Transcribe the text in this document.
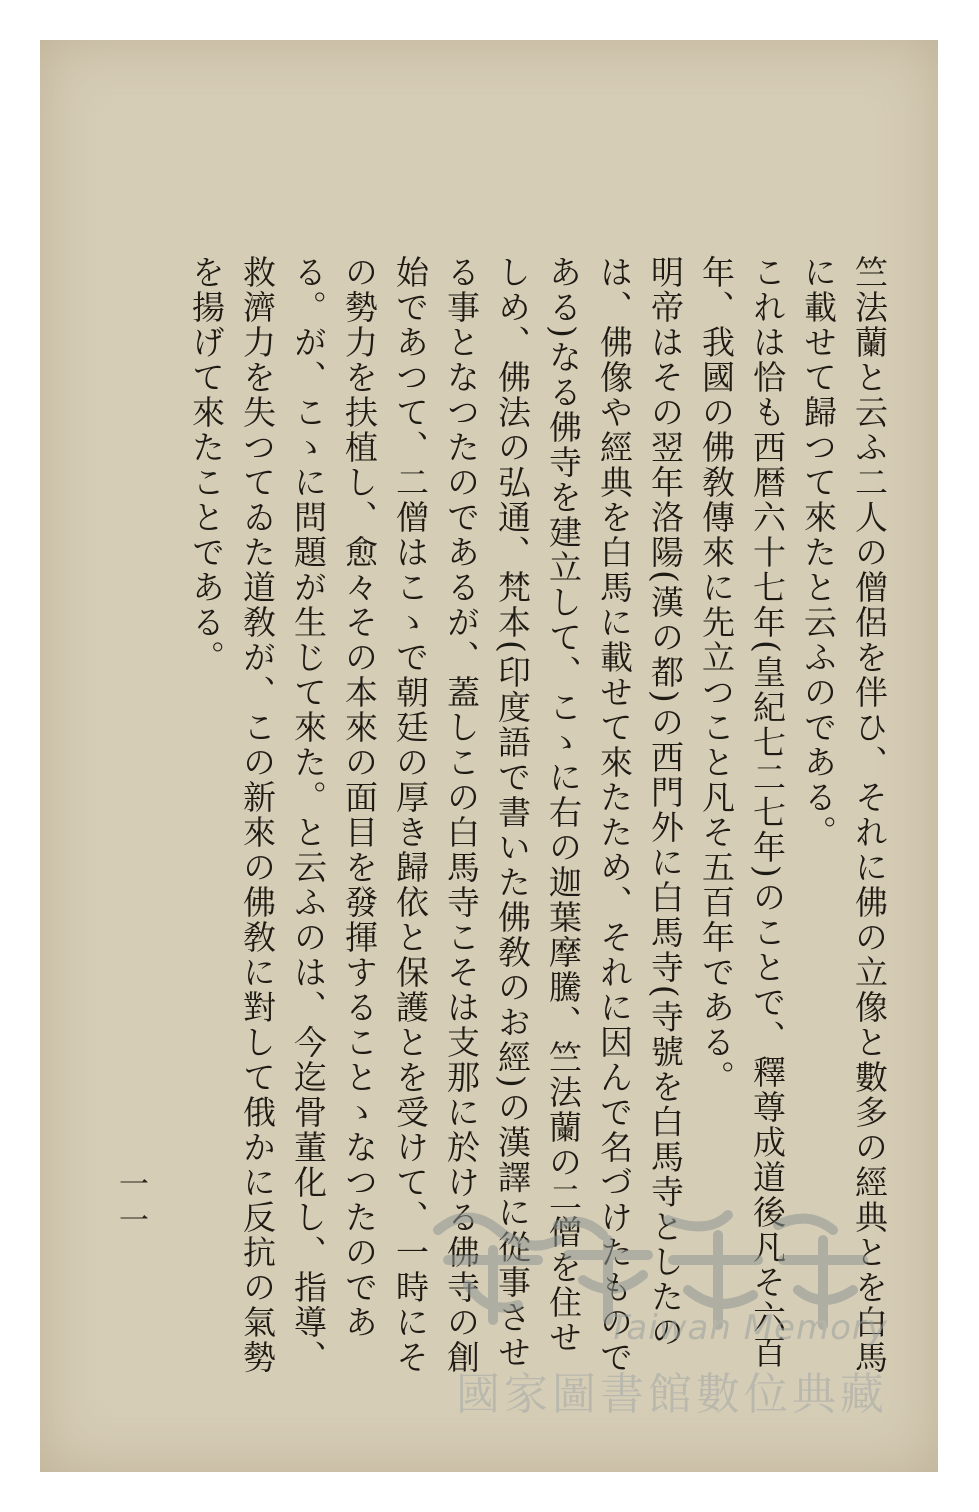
竺法蘭と云ふ二人の僧侶を伴ひ、それに佛の立像と數多の經典とを白馬に載せて歸つて來たと云ふのである。

これは恰も西暦六十七年(皇紀七二七年)のことで、釋尊成道後凡そ六百年、我國の佛敎傳來に先立つこと凡そ五百年である。

明帝はその翌年洛陽(漢の都)の西門外に白馬寺(寺號を白馬寺としたのは、佛像や經典を白馬に載せて來たため、それに因んで名づけたものである)なる佛寺を建立して、こゝに右の迦葉摩騰、竺法蘭の二僧を住せしめ、佛法の弘通、梵本(印度語で書いた佛敎のお經)の漢譯に從事させる事となつたのであるが、蓋しこの白馬寺こそは支那に於ける佛寺の創始であつて、二僧はこゝで朝廷の厚き歸依と保護とを受けて、一時にその勢力を扶植し、愈々その本來の面目を發揮することゝなつたのである。が、こゝに問題が生じて來た。と云ふのは、今迄骨董化し、指導、救濟力を失つてゐた道敎が、この新來の佛敎に對して俄かに反抗の氣勢を揚げて來たことである。

一一
Taiwan Memory
國家圖書館數位典藏
